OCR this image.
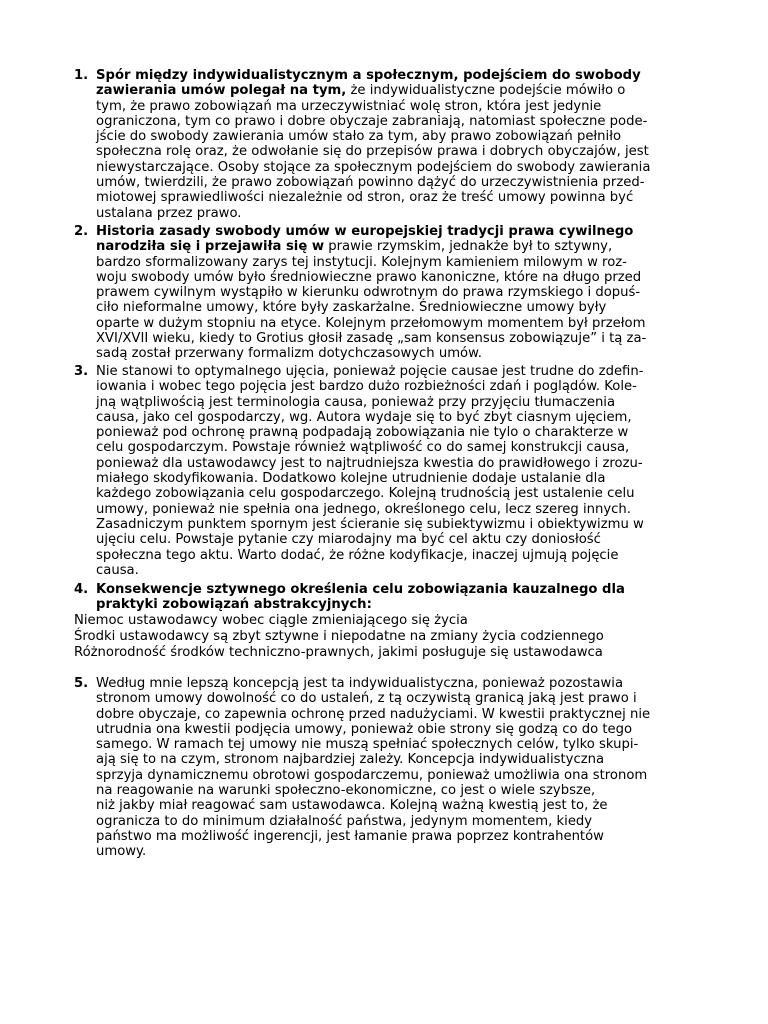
1. Spór między indywidualistycznym a społecznym, podejściem do swobody
zawierania umów polegał na tym, że indywidualistyczne podejście mówiło o
tym, że prawo zobowiązań ma urzeczywistniać wolę stron, która jest jedynie
ograniczona, tym co prawo i dobre obyczaje zabraniają, natomiast społeczne pode-
jście do swobody zawierania umów stało za tym, aby prawo zobowiązań pełniło
społeczna rolę oraz, że odwołanie się do przepisów prawa i dobrych obyczajów, jest
niewystarczające. Osoby stojące za społecznym podejściem do swobody zawierania
umów, twierdzili, że prawo zobowiązań powinno dążyć do urzeczywistnienia przed-
miotowej sprawiedliwości niezależnie od stron, oraz że treść umowy powinna być
ustalana przez prawo.
2. Historia zasady swobody umów w europejskiej tradycji prawa cywilnego
narodziła się i przejawiła się w prawie rzymskim, jednakże był to sztywny,
bardzo sformalizowany zarys tej instytucji. Kolejnym kamieniem milowym w roz-
woju swobody umów było średniowieczne prawo kanoniczne, które na długo przed
prawem cywilnym wystąpiło w kierunku odwrotnym do prawa rzymskiego i dopuś-
ciło nieformalne umowy, które były zaskarżalne. Średniowieczne umowy były
oparte w dużym stopniu na etyce. Kolejnym przełomowym momentem był przełom
XVI/XVII wieku, kiedy to Grotius głosił zasadę „sam konsensus zobowiązuje” i tą za-
sadą został przerwany formalizm dotychczasowych umów.
3. Nie stanowi to optymalnego ujęcia, ponieważ pojęcie causae jest trudne do zdefin-
iowania i wobec tego pojęcia jest bardzo dużo rozbieżności zdań i poglądów. Kole-
jną wątpliwością jest terminologia causa, ponieważ przy przyjęciu tłumaczenia
causa, jako cel gospodarczy, wg. Autora wydaje się to być zbyt ciasnym ujęciem,
ponieważ pod ochronę prawną podpadają zobowiązania nie tylo o charakterze w
celu gospodarczym. Powstaje również wątpliwość co do samej konstrukcji causa,
ponieważ dla ustawodawcy jest to najtrudniejsza kwestia do prawidłowego i zrozu-
miałego skodyfikowania. Dodatkowo kolejne utrudnienie dodaje ustalanie dla
każdego zobowiązania celu gospodarczego. Kolejną trudnością jest ustalenie celu
umowy, ponieważ nie spełnia ona jednego, określonego celu, lecz szereg innych.
Zasadniczym punktem spornym jest ścieranie się subiektywizmu i obiektywizmu w
ujęciu celu. Powstaje pytanie czy miarodajny ma być cel aktu czy doniosłość
społeczna tego aktu. Warto dodać, że różne kodyfikacje, inaczej ujmują pojęcie
causa.
4. Konsekwencje sztywnego określenia celu zobowiązania kauzalnego dla
praktyki zobowiązań abstrakcyjnych:
Niemoc ustawodawcy wobec ciągle zmieniającego się życia
Środki ustawodawcy są zbyt sztywne i niepodatne na zmiany życia codziennego
Różnorodność środków techniczno-prawnych, jakimi posługuje się ustawodawca
5. Według mnie lepszą koncepcją jest ta indywidualistyczna, ponieważ pozostawia
stronom umowy dowolność co do ustaleń, z tą oczywistą granicą jaką jest prawo i
dobre obyczaje, co zapewnia ochronę przed nadużyciami. W kwestii praktycznej nie
utrudnia ona kwestii podjęcia umowy, ponieważ obie strony się godzą co do tego
samego. W ramach tej umowy nie muszą spełniać społecznych celów, tylko skupi-
ają się to na czym, stronom najbardziej zależy. Koncepcja indywidualistyczna
sprzyja dynamicznemu obrotowi gospodarczemu, ponieważ umożliwia ona stronom
na reagowanie na warunki społeczno-ekonomiczne, co jest o wiele szybsze,
niż jakby miał reagować sam ustawodawca. Kolejną ważną kwestią jest to, że
ogranicza to do minimum działalność państwa, jedynym momentem, kiedy
państwo ma możliwość ingerencji, jest łamanie prawa poprzez kontrahentów
umowy.
